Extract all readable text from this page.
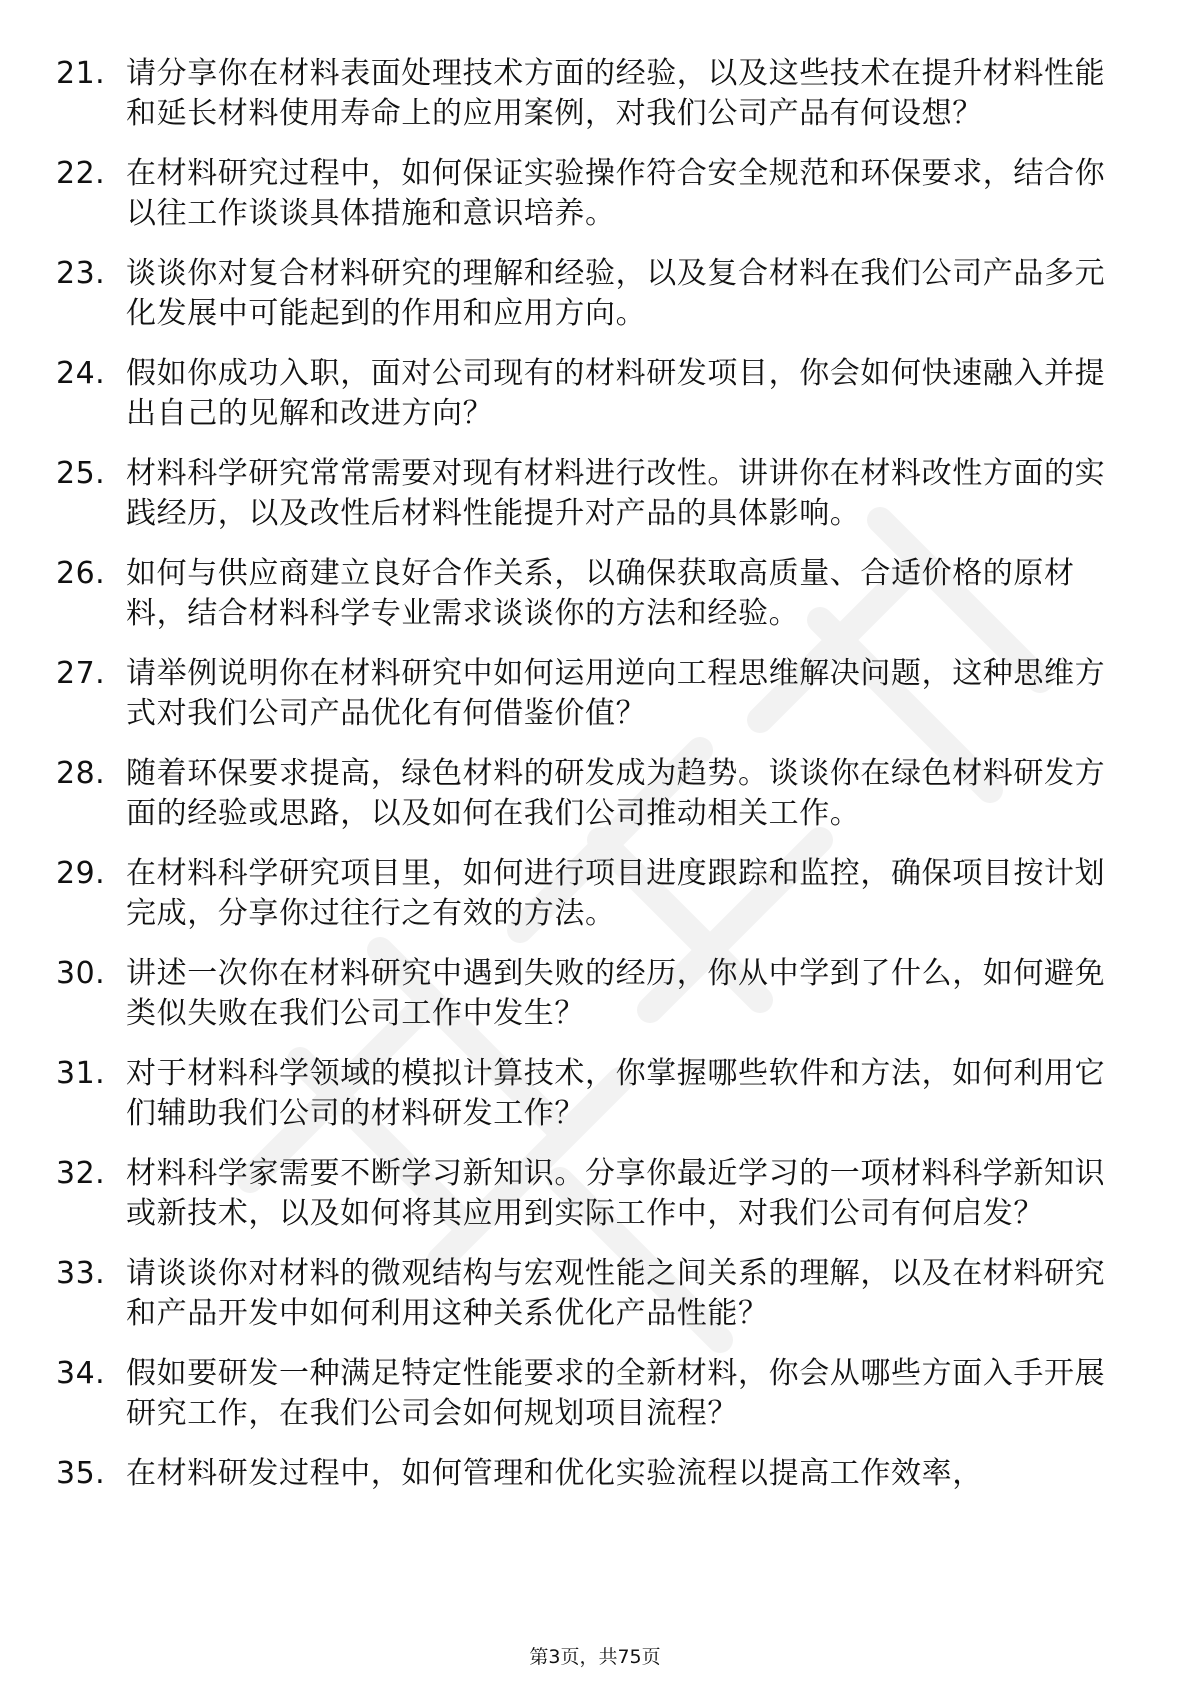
21. 请分享你在材料表面处理技术方面的经验，以及这些技术在提升材料性能和延长材料使用寿命上的应用案例，对我们公司产品有何设想？
22. 在材料研究过程中，如何保证实验操作符合安全规范和环保要求，结合你以往工作谈谈具体措施和意识培养。
23. 谈谈你对复合材料研究的理解和经验，以及复合材料在我们公司产品多元化发展中可能起到的作用和应用方向。
24. 假如你成功入职，面对公司现有的材料研发项目，你会如何快速融入并提出自己的见解和改进方向？
25. 材料科学研究常常需要对现有材料进行改性。讲讲你在材料改性方面的实践经历，以及改性后材料性能提升对产品的具体影响。
26. 如何与供应商建立良好合作关系，以确保获取高质量、合适价格的原材料，结合材料科学专业需求谈谈你的方法和经验。
27. 请举例说明你在材料研究中如何运用逆向工程思维解决问题，这种思维方式对我们公司产品优化有何借鉴价值？
28. 随着环保要求提高，绿色材料的研发成为趋势。谈谈你在绿色材料研发方面的经验或思路，以及如何在我们公司推动相关工作。
29. 在材料科学研究项目里，如何进行项目进度跟踪和监控，确保项目按计划完成，分享你过往行之有效的方法。
30. 讲述一次你在材料研究中遇到失败的经历，你从中学到了什么，如何避免类似失败在我们公司工作中发生？
31. 对于材料科学领域的模拟计算技术，你掌握哪些软件和方法，如何利用它们辅助我们公司的材料研发工作？
32. 材料科学家需要不断学习新知识。分享你最近学习的一项材料科学新知识或新技术，以及如何将其应用到实际工作中，对我们公司有何启发？
33. 请谈谈你对材料的微观结构与宏观性能之间关系的理解，以及在材料研究和产品开发中如何利用这种关系优化产品性能？
34. 假如要研发一种满足特定性能要求的全新材料，你会从哪些方面入手开展研究工作，在我们公司会如何规划项目流程？
35. 在材料研发过程中，如何管理和优化实验流程以提高工作效率，
第3页，共75页
